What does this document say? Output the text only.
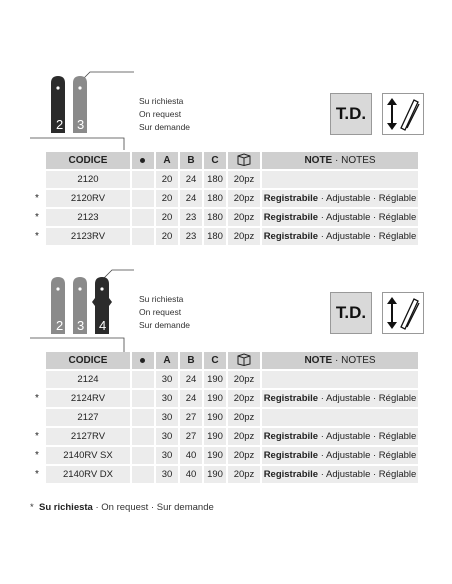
2 3
Su richiesta
On request
Sur demande
T.D.
	CODICE		A	B	C		NOTE · NOTES
	2120		20	24	180	20pz	
*	2120RV		20	24	180	20pz	Registrabile · Adjustable · Réglable
*	2123		20	23	180	20pz	Registrabile · Adjustable · Réglable
*	2123RV		20	23	180	20pz	Registrabile · Adjustable · Réglable
2 3 4
Su richiesta
On request
Sur demande
T.D.
	CODICE		A	B	C		NOTE · NOTES
	2124		30	24	190	20pz	
*	2124RV		30	24	190	20pz	Registrabile · Adjustable · Réglable
	2127		30	27	190	20pz	
*	2127RV		30	27	190	20pz	Registrabile · Adjustable · Réglable
*	2140RV SX		30	40	190	20pz	Registrabile · Adjustable · Réglable
*	2140RV DX		30	40	190	20pz	Registrabile · Adjustable · Réglable
* Su richiesta · On request · Sur demande
